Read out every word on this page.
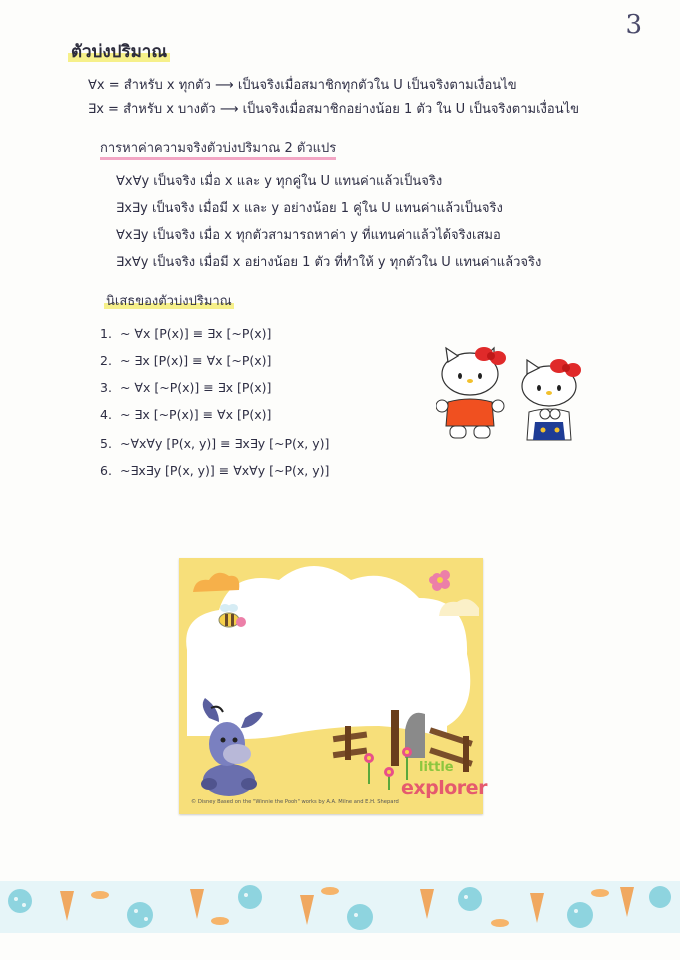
3
ตัวบ่งปริมาณ
∀x = สำหรับ x ทุกตัว ⟶ เป็นจริงเมื่อสมาชิกทุกตัวใน U เป็นจริงตามเงื่อนไข
∃x = สำหรับ x บางตัว ⟶ เป็นจริงเมื่อสมาชิกอย่างน้อย 1 ตัว ใน U เป็นจริงตามเงื่อนไข
การหาค่าความจริงตัวบ่งปริมาณ 2 ตัวแปร
∀x∀y เป็นจริง เมื่อ x และ y ทุกคู่ใน U แทนค่าแล้วเป็นจริง
∃x∃y เป็นจริง เมื่อมี x และ y อย่างน้อย 1 คู่ใน U แทนค่าแล้วเป็นจริง
∀x∃y เป็นจริง เมื่อ x ทุกตัวสามารถหาค่า y ที่แทนค่าแล้วได้จริงเสมอ
∃x∀y เป็นจริง เมื่อมี x อย่างน้อย 1 ตัว ที่ทำให้ y ทุกตัวใน U แทนค่าแล้วจริง
นิเสธของตัวบ่งปริมาณ
1. ~ ∀x [P(x)] ≡ ∃x [~P(x)]
2. ~ ∃x [P(x)] ≡ ∀x [~P(x)]
3. ~ ∀x [~P(x)] ≡ ∃x [P(x)]
4. ~ ∃x [~P(x)] ≡ ∀x [P(x)]
5. ~∀x∀y [P(x, y)] ≡ ∃x∃y [~P(x, y)]
6. ~∃x∃y [P(x, y)] ≡ ∀x∀y [~P(x, y)]
© Disney Based on the "Winnie the Pooh" works by A.A. Milne and E.H. Shepard
little
explorer
